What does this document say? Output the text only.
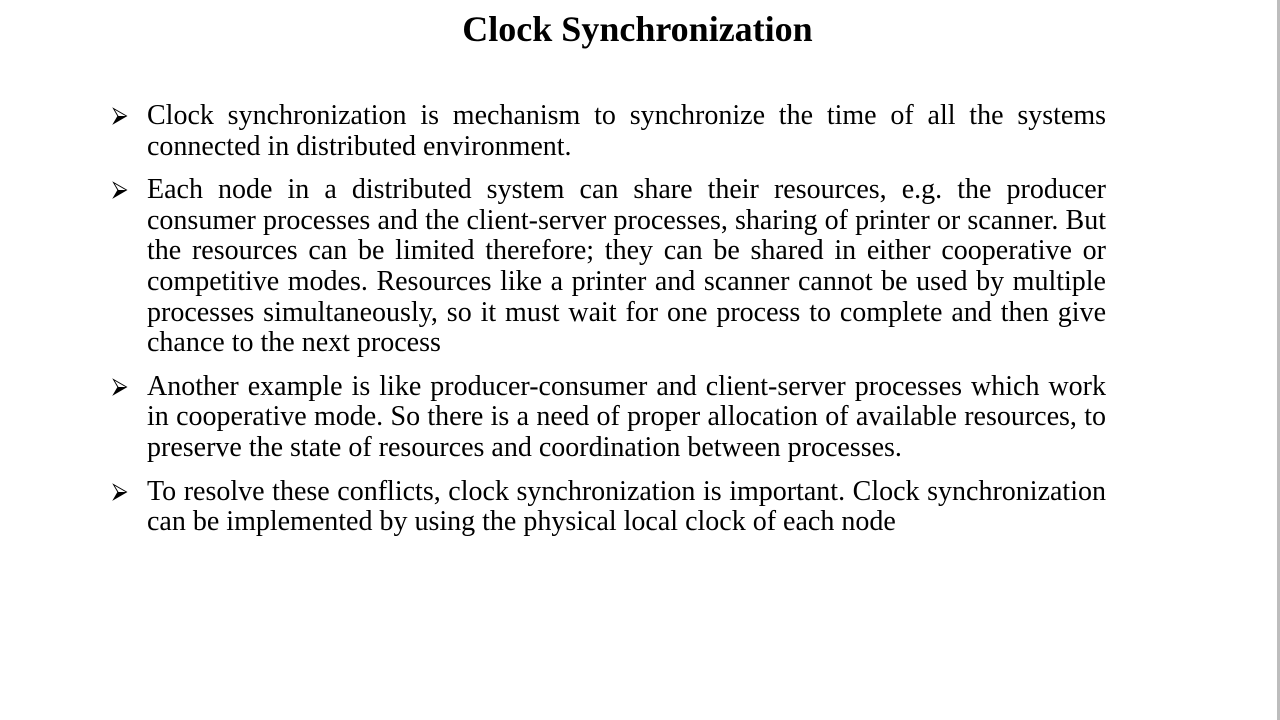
Clock Synchronization
⮚ Clock synchronization is mechanism to synchronize the time of all the systems connected in distributed environment.
⮚ Each node in a distributed system can share their resources, e.g. the producer consumer processes and the client-server processes, sharing of printer or scanner. But the resources can be limited therefore; they can be shared in either cooperative or competitive modes. Resources like a printer and scanner cannot be used by multiple processes simultaneously, so it must wait for one process to complete and then give chance to the next process
⮚ Another example is like producer-consumer and client-server processes which work in cooperative mode. So there is a need of proper allocation of available resources, to preserve the state of resources and coordination between processes.
⮚ To resolve these conflicts, clock synchronization is important. Clock synchronization can be implemented by using the physical local clock of each node
